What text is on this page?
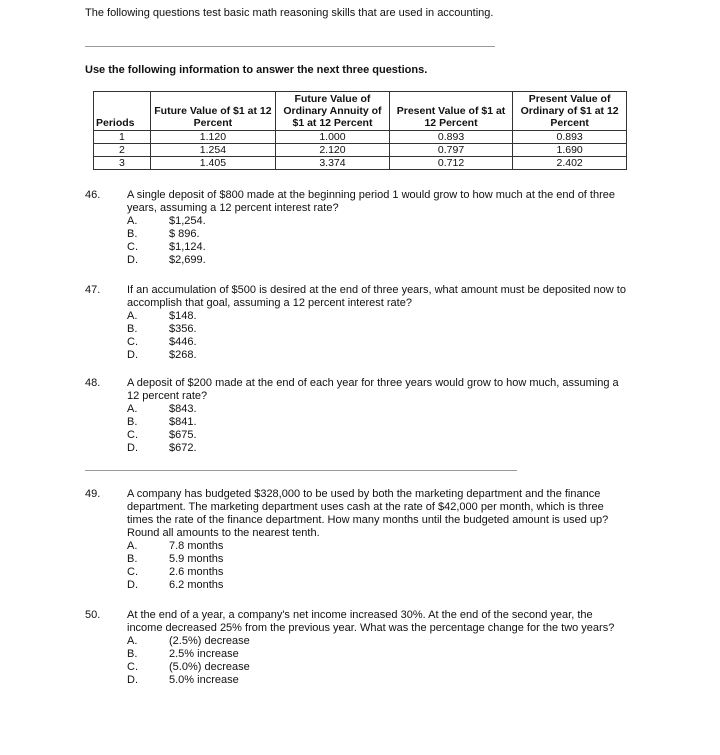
The following questions test basic math reasoning skills that are used in accounting.
Use the following information to answer the next three questions.
Periods	Future Value of $1 at 12 Percent	Future Value of Ordinary Annuity of $1 at 12 Percent	Present Value of $1 at 12 Percent	Present Value of Ordinary of $1 at 12 Percent
1	1.120	1.000	0.893	0.893
2	1.254	2.120	0.797	1.690
3	1.405	3.374	0.712	2.402
46. A single deposit of $800 made at the beginning period 1 would grow to how much at the end of three years, assuming a 12 percent interest rate?
A.	$1,254.
B.	$ 896.
C.	$1,124.
D.	$2,699.
47. If an accumulation of $500 is desired at the end of three years, what amount must be deposited now to accomplish that goal, assuming a 12 percent interest rate?
A.	$148.
B.	$356.
C.	$446.
D.	$268.
48. A deposit of $200 made at the end of each year for three years would grow to how much, assuming a 12 percent rate?
A.	$843.
B.	$841.
C.	$675.
D.	$672.
49. A company has budgeted $328,000 to be used by both the marketing department and the finance department. The marketing department uses cash at the rate of $42,000 per month, which is three times the rate of the finance department. How many months until the budgeted amount is used up? Round all amounts to the nearest tenth.
A.	7.8 months
B.	5.9 months
C.	2.6 months
D.	6.2 months
50. At the end of a year, a company's net income increased 30%. At the end of the second year, the income decreased 25% from the previous year. What was the percentage change for the two years?
A.	(2.5%) decrease
B.	2.5% increase
C.	(5.0%) decrease
D.	5.0% increase
